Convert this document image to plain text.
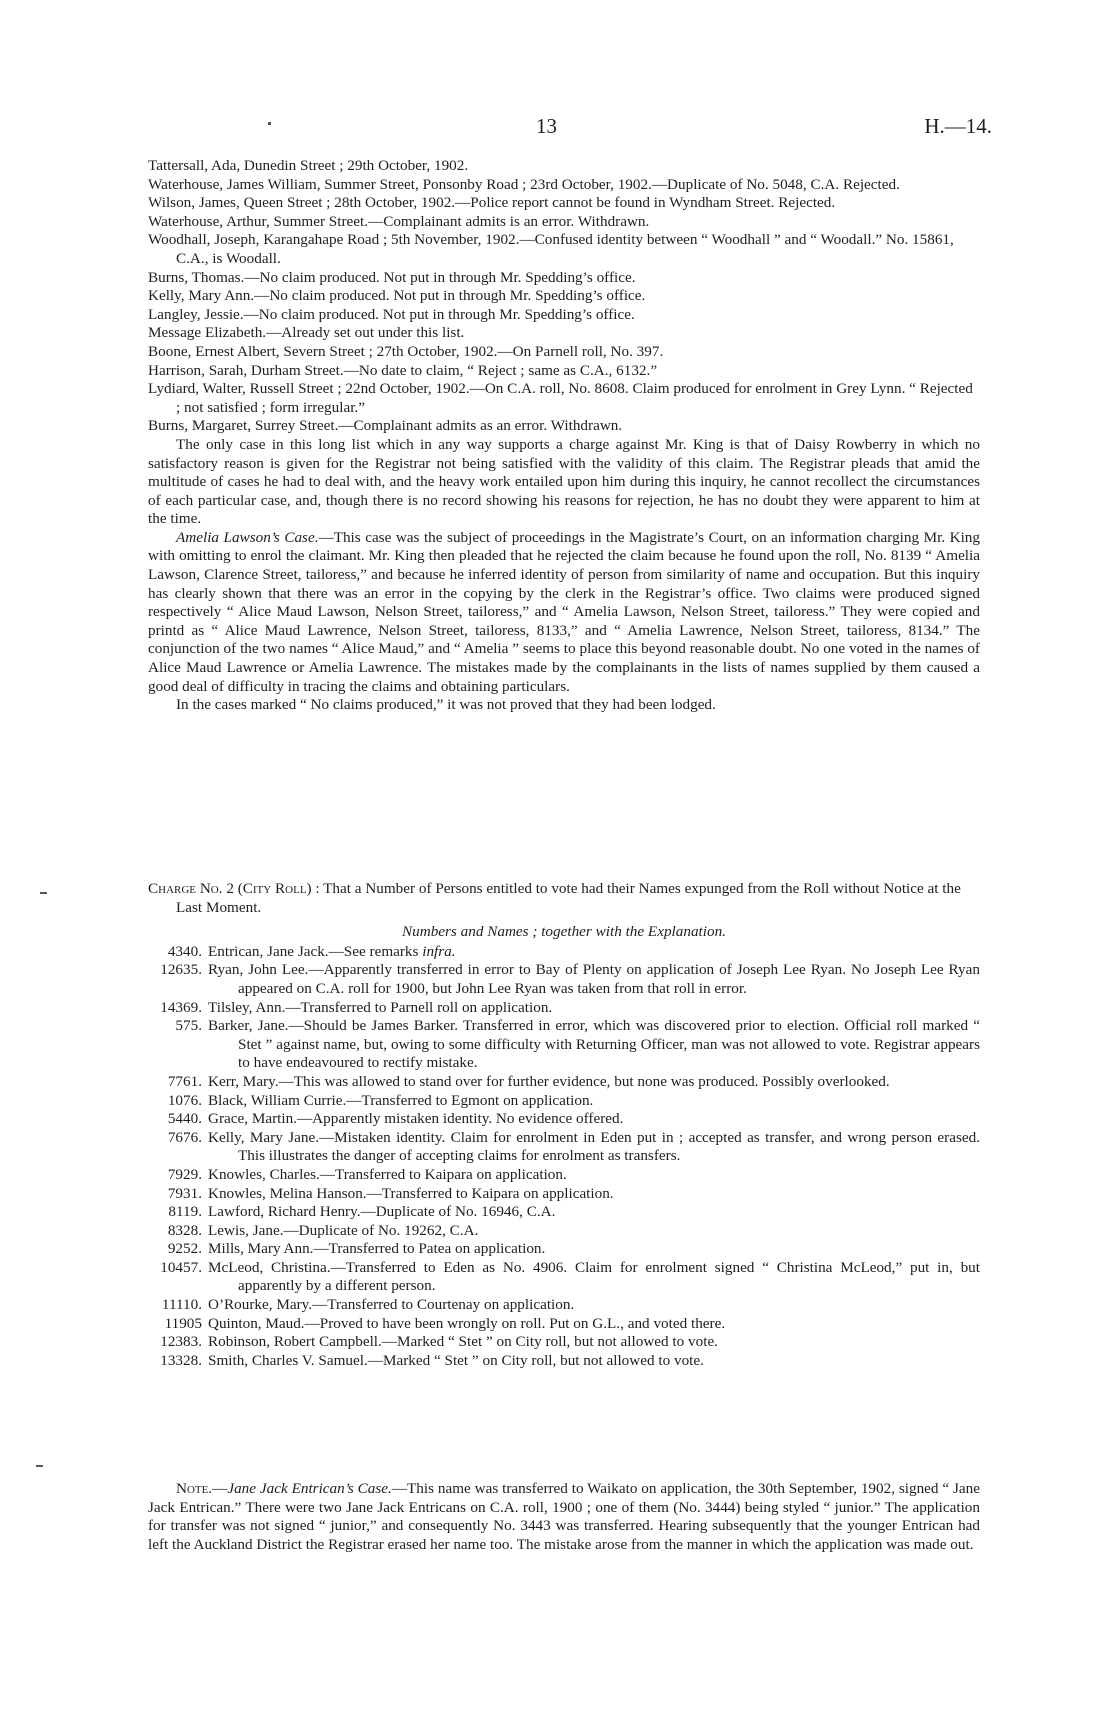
13	H.—14.

Tattersall, Ada, Dunedin Street ; 29th October, 1902.

Waterhouse, James William, Summer Street, Ponsonby Road ; 23rd October, 1902.—Duplicate of No. 5048, C.A. Rejected.

Wilson, James, Queen Street ; 28th October, 1902.—Police report cannot be found in Wyndham Street. Rejected.

Waterhouse, Arthur, Summer Street.—Complainant admits is an error. Withdrawn.

Woodhall, Joseph, Karangahape Road ; 5th November, 1902.—Confused identity between “ Woodhall ” and “ Woodall.” No. 15861, C.A., is Woodall.

Burns, Thomas.—No claim produced. Not put in through Mr. Spedding’s office.

Kelly, Mary Ann.—No claim produced. Not put in through Mr. Spedding’s office.

Langley, Jessie.—No claim produced. Not put in through Mr. Spedding’s office.

Message Elizabeth.—Already set out under this list.

Boone, Ernest Albert, Severn Street ; 27th October, 1902.—On Parnell roll, No. 397.

Harrison, Sarah, Durham Street.—No date to claim, “ Reject ; same as C.A., 6132.”

Lydiard, Walter, Russell Street ; 22nd October, 1902.—On C.A. roll, No. 8608. Claim produced for enrolment in Grey Lynn. “ Rejected ; not satisfied ; form irregular.”

Burns, Margaret, Surrey Street.—Complainant admits as an error. Withdrawn.

The only case in this long list which in any way supports a charge against Mr. King is that of Daisy Rowberry in which no satisfactory reason is given for the Registrar not being satisfied with the validity of this claim. The Registrar pleads that amid the multitude of cases he had to deal with, and the heavy work entailed upon him during this inquiry, he cannot recollect the circumstances of each particular case, and, though there is no record showing his reasons for rejection, he has no doubt they were apparent to him at the time.

Amelia Lawson’s Case.—This case was the subject of proceedings in the Magistrate’s Court, on an information charging Mr. King with omitting to enrol the claimant. Mr. King then pleaded that he rejected the claim because he found upon the roll, No. 8139 “ Amelia Lawson, Clarence Street, tailoress,” and because he inferred identity of person from similarity of name and occupation. But this inquiry has clearly shown that there was an error in the copying by the clerk in the Registrar’s office. Two claims were produced signed respectively “ Alice Maud Lawson, Nelson Street, tailoress,” and “ Amelia Lawson, Nelson Street, tailoress.” They were copied and printd as “ Alice Maud Lawrence, Nelson Street, tailoress, 8133,” and “ Amelia Lawrence, Nelson Street, tailoress, 8134.” The conjunction of the two names “ Alice Maud,” and “ Amelia ” seems to place this beyond reasonable doubt. No one voted in the names of Alice Maud Lawrence or Amelia Lawrence. The mistakes made by the complainants in the lists of names supplied by them caused a good deal of difficulty in tracing the claims and obtaining particulars.

In the cases marked “ No claims produced,” it was not proved that they had been lodged.

Charge No. 2 (City Roll) : That a Number of Persons entitled to vote had their Names expunged from the Roll without Notice at the Last Moment.

Numbers and Names ; together with the Explanation.

4340. Entrican, Jane Jack.—See remarks infra.
12635. Ryan, John Lee.—Apparently transferred in error to Bay of Plenty on application of Joseph Lee Ryan. No Joseph Lee Ryan appeared on C.A. roll for 1900, but John Lee Ryan was taken from that roll in error.
14369. Tilsley, Ann.—Transferred to Parnell roll on application.
575. Barker, Jane.—Should be James Barker. Transferred in error, which was discovered prior to election. Official roll marked “ Stet ” against name, but, owing to some difficulty with Returning Officer, man was not allowed to vote. Registrar appears to have endeavoured to rectify mistake.
7761. Kerr, Mary.—This was allowed to stand over for further evidence, but none was produced. Possibly overlooked.
1076. Black, William Currie.—Transferred to Egmont on application.
5440. Grace, Martin.—Apparently mistaken identity. No evidence offered.
7676. Kelly, Mary Jane.—Mistaken identity. Claim for enrolment in Eden put in ; accepted as transfer, and wrong person erased. This illustrates the danger of accepting claims for enrolment as transfers.
7929. Knowles, Charles.—Transferred to Kaipara on application.
7931. Knowles, Melina Hanson.—Transferred to Kaipara on application.
8119. Lawford, Richard Henry.—Duplicate of No. 16946, C.A.
8328. Lewis, Jane.—Duplicate of No. 19262, C.A.
9252. Mills, Mary Ann.—Transferred to Patea on application.
10457. McLeod, Christina.—Transferred to Eden as No. 4906. Claim for enrolment signed “ Christina McLeod,” put in, but apparently by a different person.
11110. O’Rourke, Mary.—Transferred to Courtenay on application.
11905 Quinton, Maud.—Proved to have been wrongly on roll. Put on G.L., and voted there.
12383. Robinson, Robert Campbell.—Marked “ Stet ” on City roll, but not allowed to vote.
13328. Smith, Charles V. Samuel.—Marked “ Stet ” on City roll, but not allowed to vote.

Note.—Jane Jack Entrican’s Case.—This name was transferred to Waikato on application, the 30th September, 1902, signed “ Jane Jack Entrican.” There were two Jane Jack Entricans on C.A. roll, 1900 ; one of them (No. 3444) being styled “ junior.” The application for transfer was not signed “ junior,” and consequently No. 3443 was transferred. Hearing subsequently that the younger Entrican had left the Auckland District the Registrar erased her name too. The mistake arose from the manner in which the application was made out.
